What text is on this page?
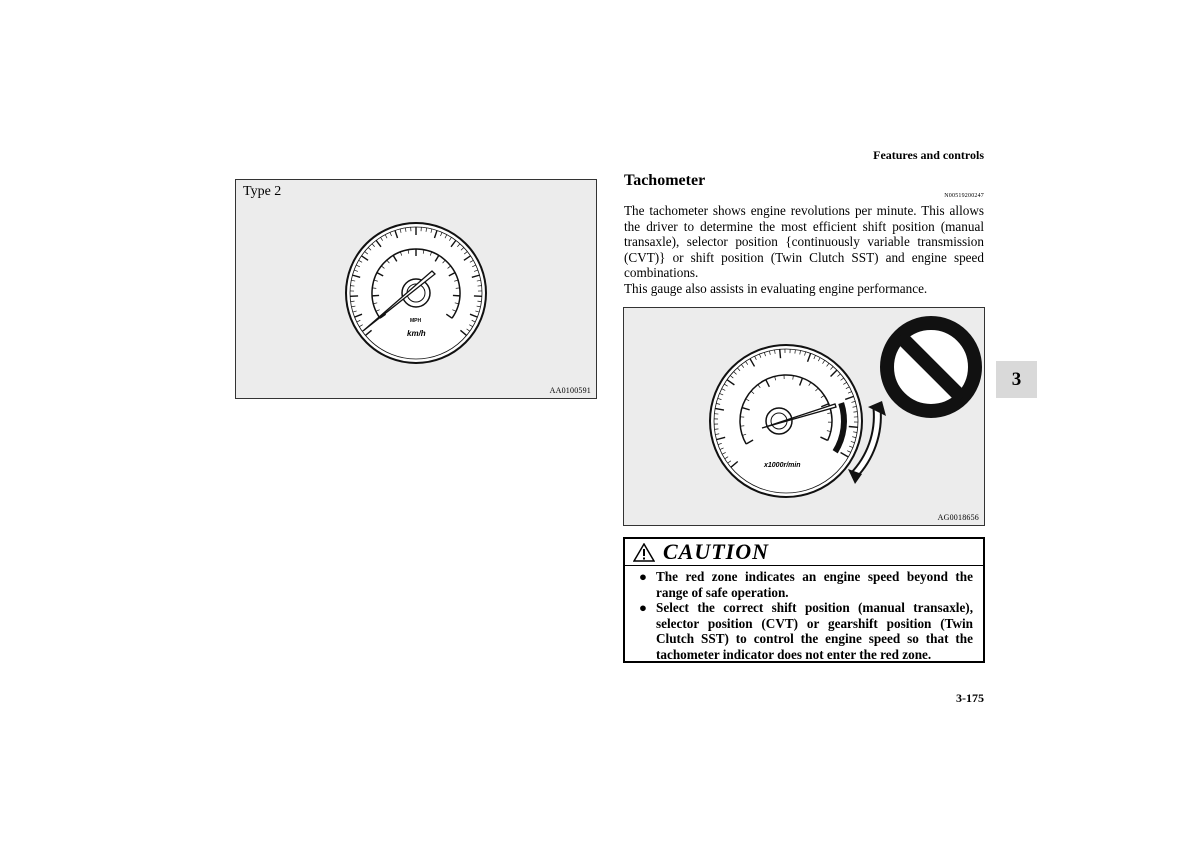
Features and controls
Type 2
MPH
km/h
AA0100591
Tachometer
N00519200247

The tachometer shows engine revolutions per minute. This allows the driver to determine the most efficient shift position (manual transaxle), selector position {continuously variable transmission (CVT)} or shift position (Twin Clutch SST) and engine speed combinations.

This gauge also assists in evaluating engine performance.

x1000r/min
AG0018656
3
CAUTION
● The red zone indicates an engine speed beyond the range of safe operation.
● Select the correct shift position (manual transaxle), selector position (CVT) or gearshift position (Twin Clutch SST) to control the engine speed so that the tachometer indicator does not enter the red zone.
3-175
